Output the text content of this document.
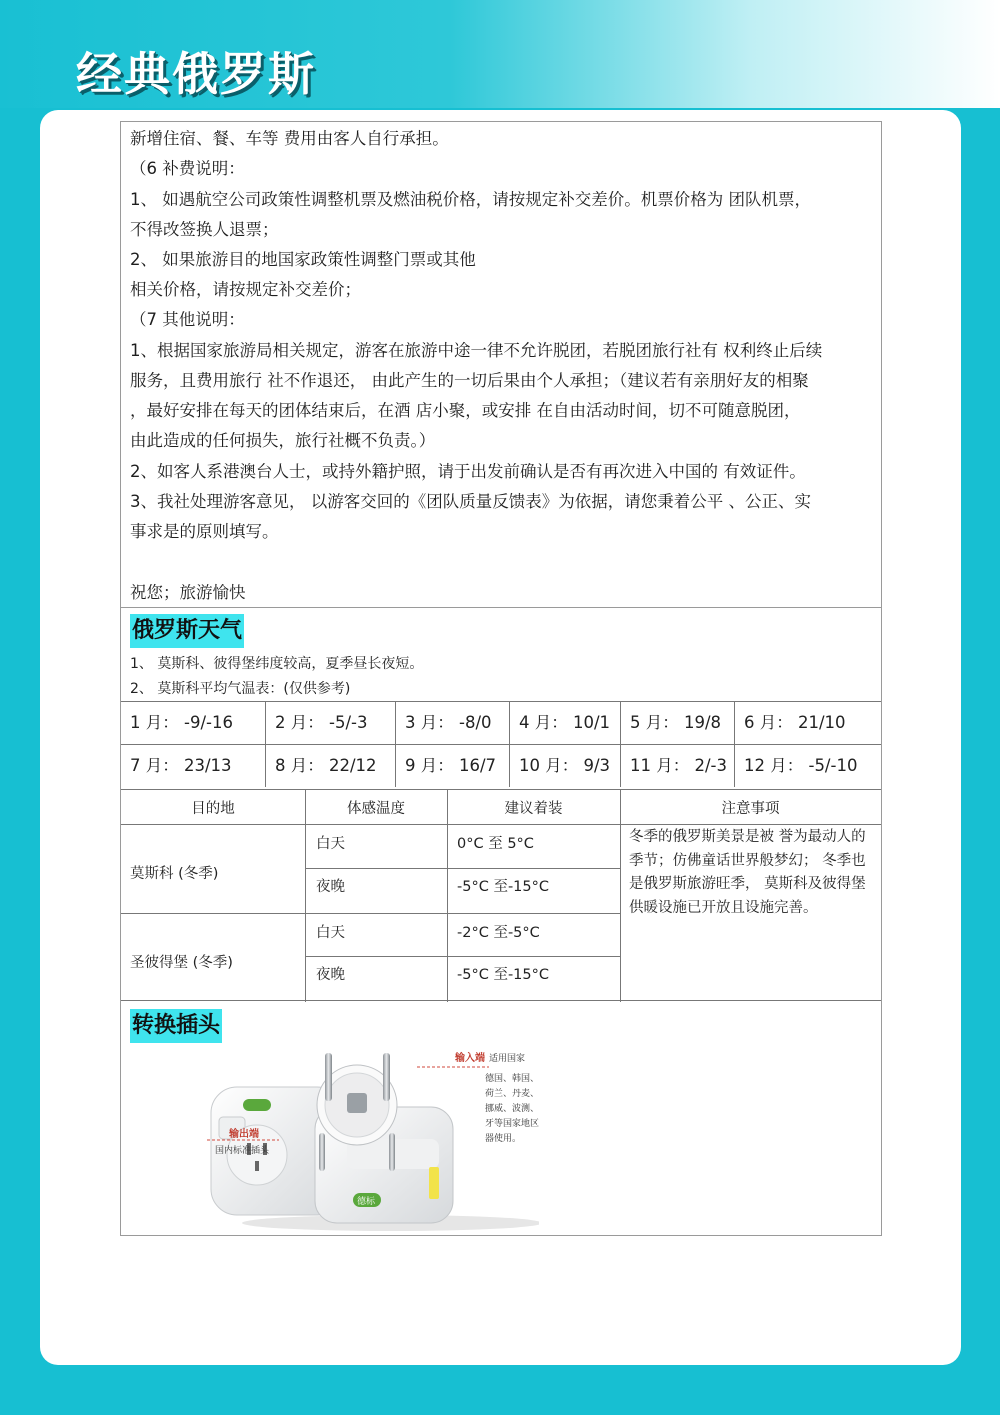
经典俄罗斯
新增住宿、餐、车等 费用由客人自行承担。
（6 补费说明：
1、 如遇航空公司政策性调整机票及燃油税价格，请按规定补交差价。机票价格为 团队机票，
不得改签换人退票；
2、 如果旅游目的地国家政策性调整门票或其他
相关价格，请按规定补交差价；
（7 其他说明：
1、根据国家旅游局相关规定，游客在旅游中途一律不允许脱团，若脱团旅行社有 权利终止后续
服务，且费用旅行 社不作退还， 由此产生的一切后果由个人承担；（建议若有亲朋好友的相聚
，最好安排在每天的团体结束后，在酒 店小聚，或安排 在自由活动时间，切不可随意脱团，
由此造成的任何损失，旅行社概不负责。）
2、如客人系港澳台人士，或持外籍护照，请于出发前确认是否有再次进入中国的 有效证件。
3、我社处理游客意见， 以游客交回的《团队质量反馈表》为依据，请您秉着公平 、公正、实
事求是的原则填写。
祝您；旅游愉快
俄罗斯天气
1、 莫斯科、彼得堡纬度较高，夏季昼长夜短。
2、 莫斯科平均气温表：(仅供参考)
1 月： -9/-16	2 月： -5/-3	3 月： -8/0	4 月： 10/1	5 月： 19/8	6 月： 21/10
7 月： 23/13	8 月： 22/12	9 月： 16/7	10 月： 9/3	11 月： 2/-3	12 月： -5/-10
目的地	体感温度	建议着装	注意事项
莫斯科 (冬季)
白天	0°C 至 5°C
夜晚	-5°C 至-15°C
圣彼得堡 (冬季)
白天	-2°C 至-5°C
夜晚	-5°C 至-15°C
冬季的俄罗斯美景是被 誉为最动人的季节；仿佛童话世界般梦幻； 冬季也是俄罗斯旅游旺季， 莫斯科及彼得堡供暖设施已开放且设施完善。
转换插头
德标
输出端
国内标准插头
输入端 适用国家
德国、韩国、
荷兰、丹麦、
挪威、波测、
牙等国家地区
器使用。
